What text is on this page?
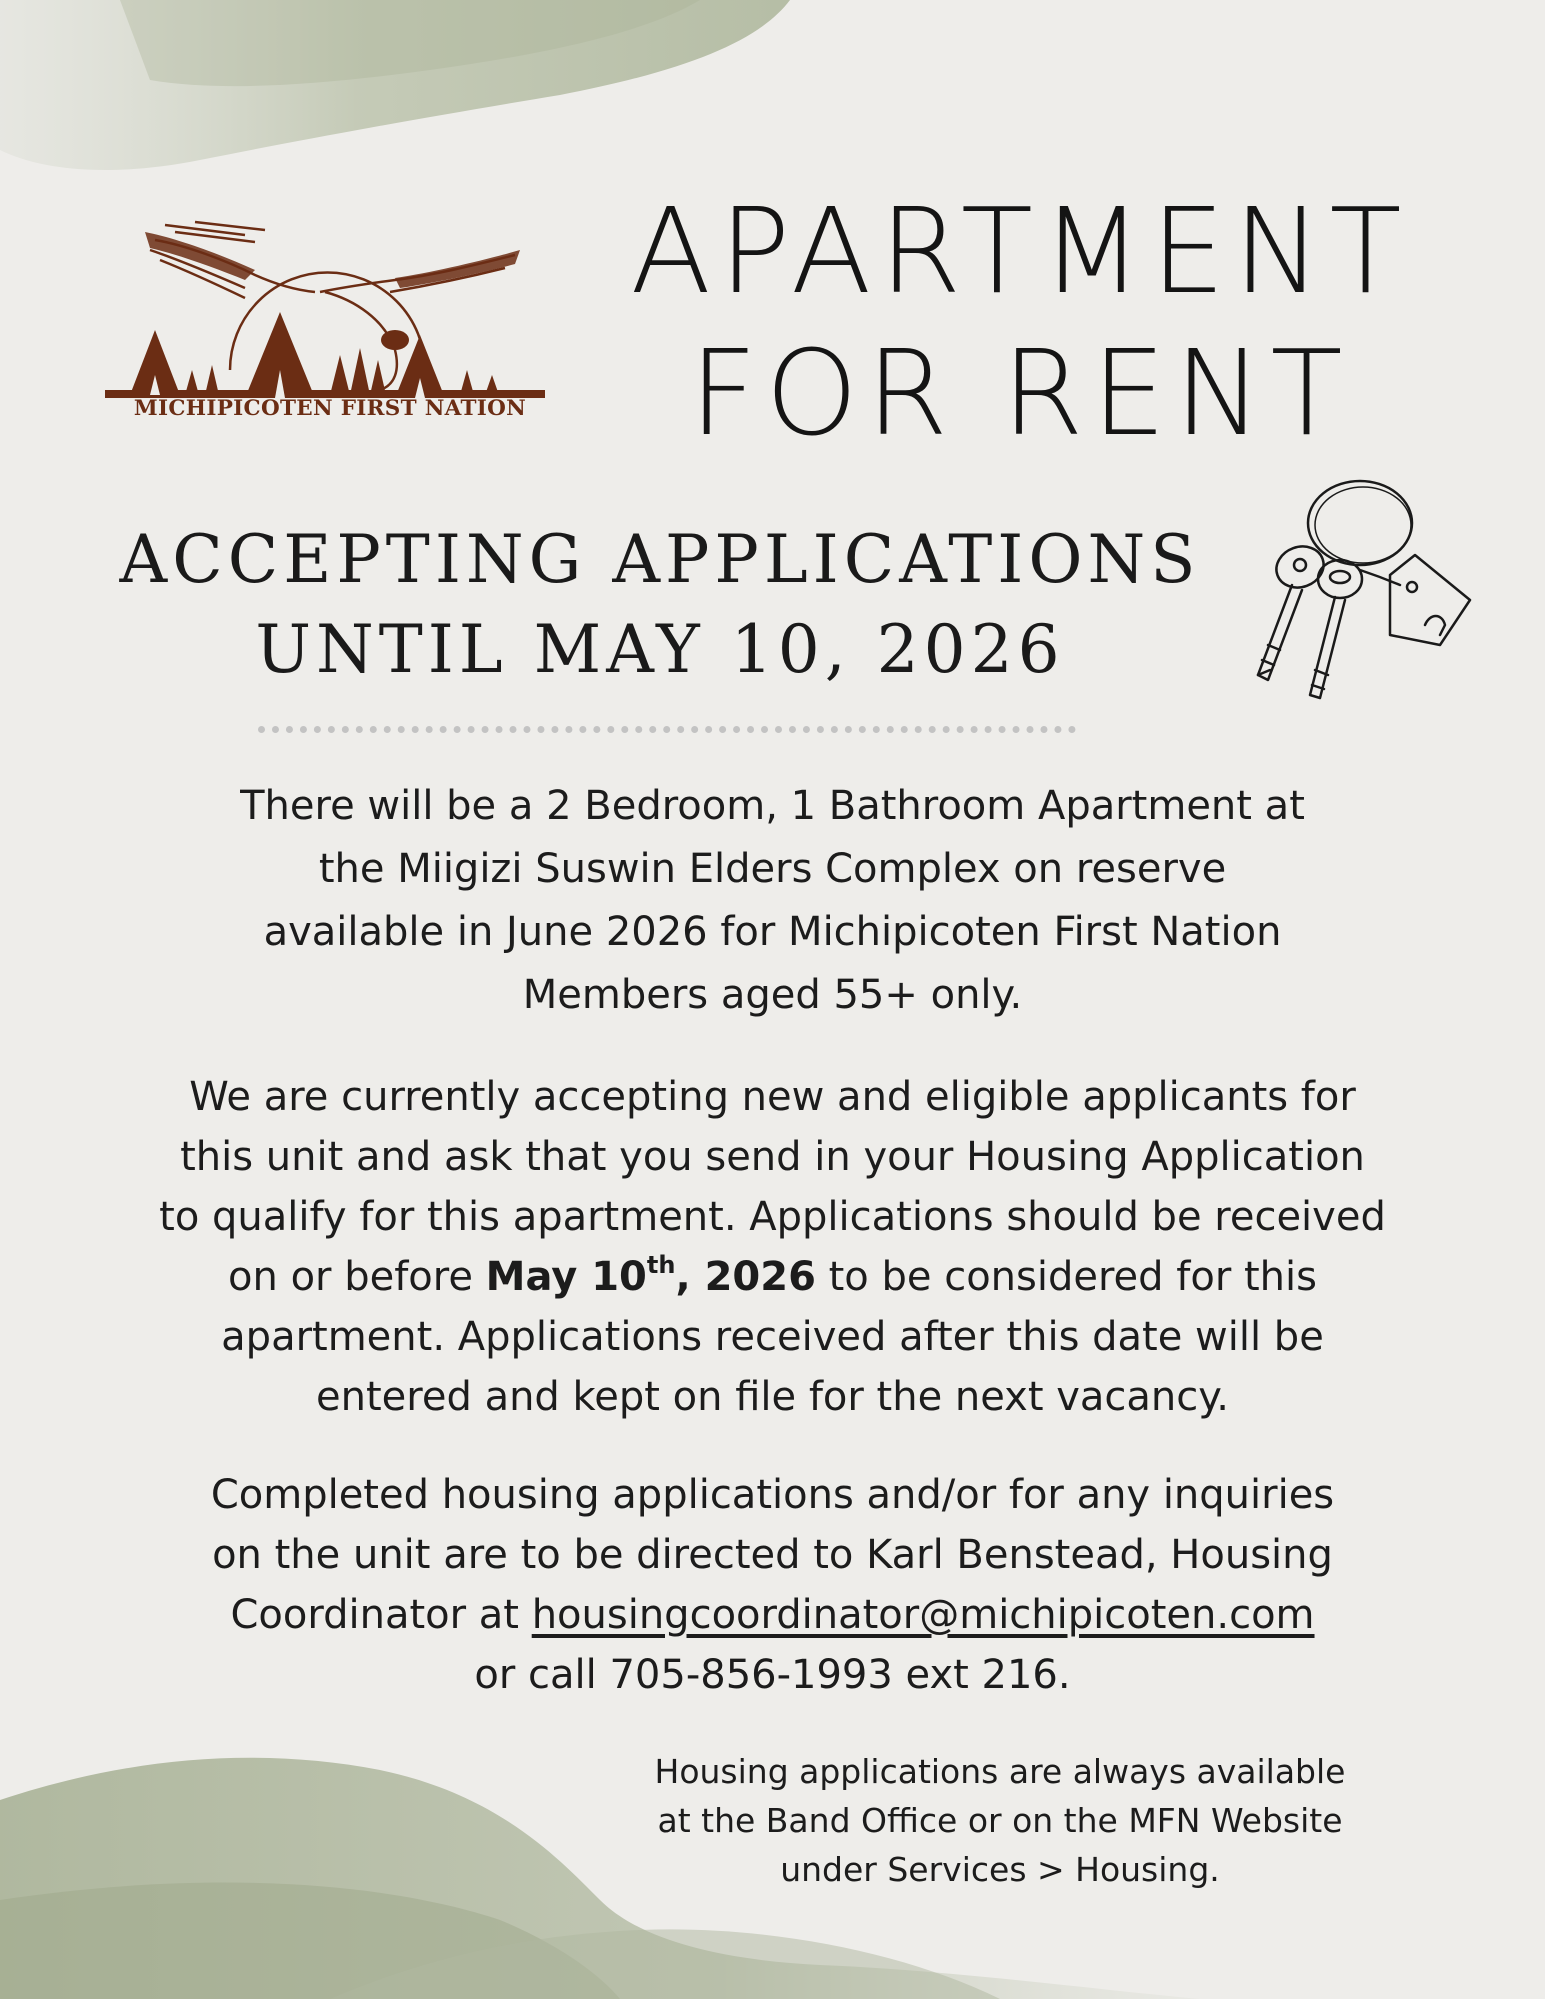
MICHIPICOTEN FIRST NATION
APARTMENT
FOR RENT
ACCEPTING APPLICATIONS
UNTIL MAY 10, 2026
There will be a 2 Bedroom, 1 Bathroom Apartment at
the Miigizi Suswin Elders Complex on reserve
available in June 2026 for Michipicoten First Nation
Members aged 55+ only.
We are currently accepting new and eligible applicants for
this unit and ask that you send in your Housing Application
to qualify for this apartment. Applications should be received
on or before May 10th, 2026 to be considered for this
apartment. Applications received after this date will be
entered and kept on file for the next vacancy.
Completed housing applications and/or for any inquiries
on the unit are to be directed to Karl Benstead, Housing
Coordinator at housingcoordinator@michipicoten.com
or call 705-856-1993 ext 216.
Housing applications are always available
at the Band Office or on the MFN Website
under Services > Housing.
